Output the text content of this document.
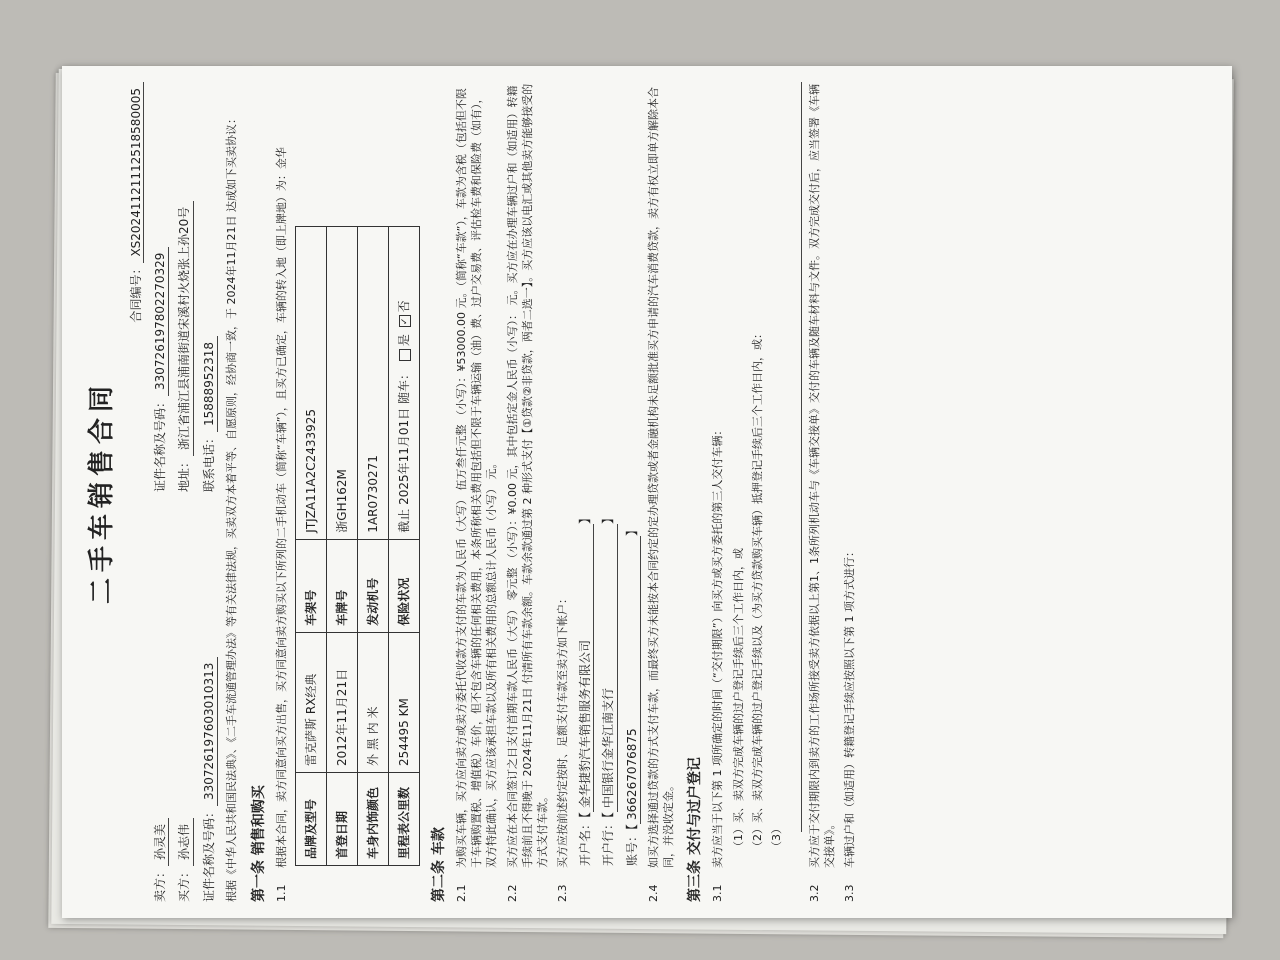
二手车销售合同
合同编号：XS20241121112518580005
卖方：
孙灵美
证件名称及号码：
330726197802270329
买方：
孙志伟
地址：
浙江省浦江县浦南街道宋溪村火烧张上孙20号
证件名称及号码：
330726197603010313
联系电话：
15888952318 根据《中华人民共和国民法典》、《二手车流通管理办法》等有关法律法规，买卖双方本着平等、自愿原则，经协商一致，于 2024年11月21日 达成如下买卖协议： 第一条 销售和购买 1.1
根据本合同，卖方同意向买方出售，买方同意向卖方购买以下所列的二手机动车（简称“车辆”），且买方已确定，车辆的转入地（即上牌地）为：金华 品牌及型号	雷克萨斯 RX经典	车架号	JTJZA11A2C2433925
首登日期	2012年11月21日	车牌号	浙GH162M
车身内饰颜色	外 黑 内 米	发动机号	1AR0730271
里程表公里数	254495 KM	保险状况	截止 2025年11月01日 随车： 是 ✓否
第二条 车款 2.1
为购买车辆，买方应向卖方或卖方委托代收款方支付的车款为人民币（大写） 伍万叁仟元整 （小写）：¥53000.00 元。（简称“车款”），车款为含税（包括但不限于车辆购置税、增值税）车价，但不包含车辆的任何相关费用，本条所称相关费用包括但不限于车辆运输（油）费、过户交易费、评估检车费和保险费（如有），双方特此确认，买方应该承担车款以及所有相关费用的总额总计人民币（小写） 元。
2.2
买方应在本合同签订之日支付首期车款人民币（大写） 零元整 （小写）：¥0.00 元，其中包括定金人民币（小写）： 元。买方应在办理车辆过户和（如适用）转籍手续前且不得晚于 2024年11月21日 付清所有车款余额。车款余款通过第 2 种形式支付【①贷款②非贷款，两者二选一】。买方应该以电汇或其他卖方能够接受的方式支付车款。
2.3
买方应按前述约定按时、足额支付车款至卖方如下帐户： 开户名：【金华捷豹汽车销售服务有限公司】
开户行：【中国银行金华江南支行】
账号：【366267076875】
2.4
如买方选择通过贷款的方式支付车款，而最终买方未能按本合同约定的定办理贷款或者金融机构未足额批准买方申请的汽车消费贷款，卖方有权立即单方解除本合同，并没收定金。 第三条 交付与过户登记 3.1
卖方应当于以下第 1 项所确定的时间（“交付期限”）向买方或买方委托的第三人交付车辆： （1）买、卖双方完成车辆的过户登记手续后三个工作日内，或 （2）买、卖双方完成车辆的过户登记手续以及（为买方贷款购买车辆）抵押登记手续后三个工作日内，或： （3）
3.2
买方应于交付期限内到卖方的工作场所接受卖方依据以上第1、1条所列机动车与《车辆交接单》交付的车辆及随车材料与文件。双方完成交付后，应当签署《车辆交接单》。
3.3
车辆过户和（如适用）转籍登记手续应按照以下第 1 项方式进行：
